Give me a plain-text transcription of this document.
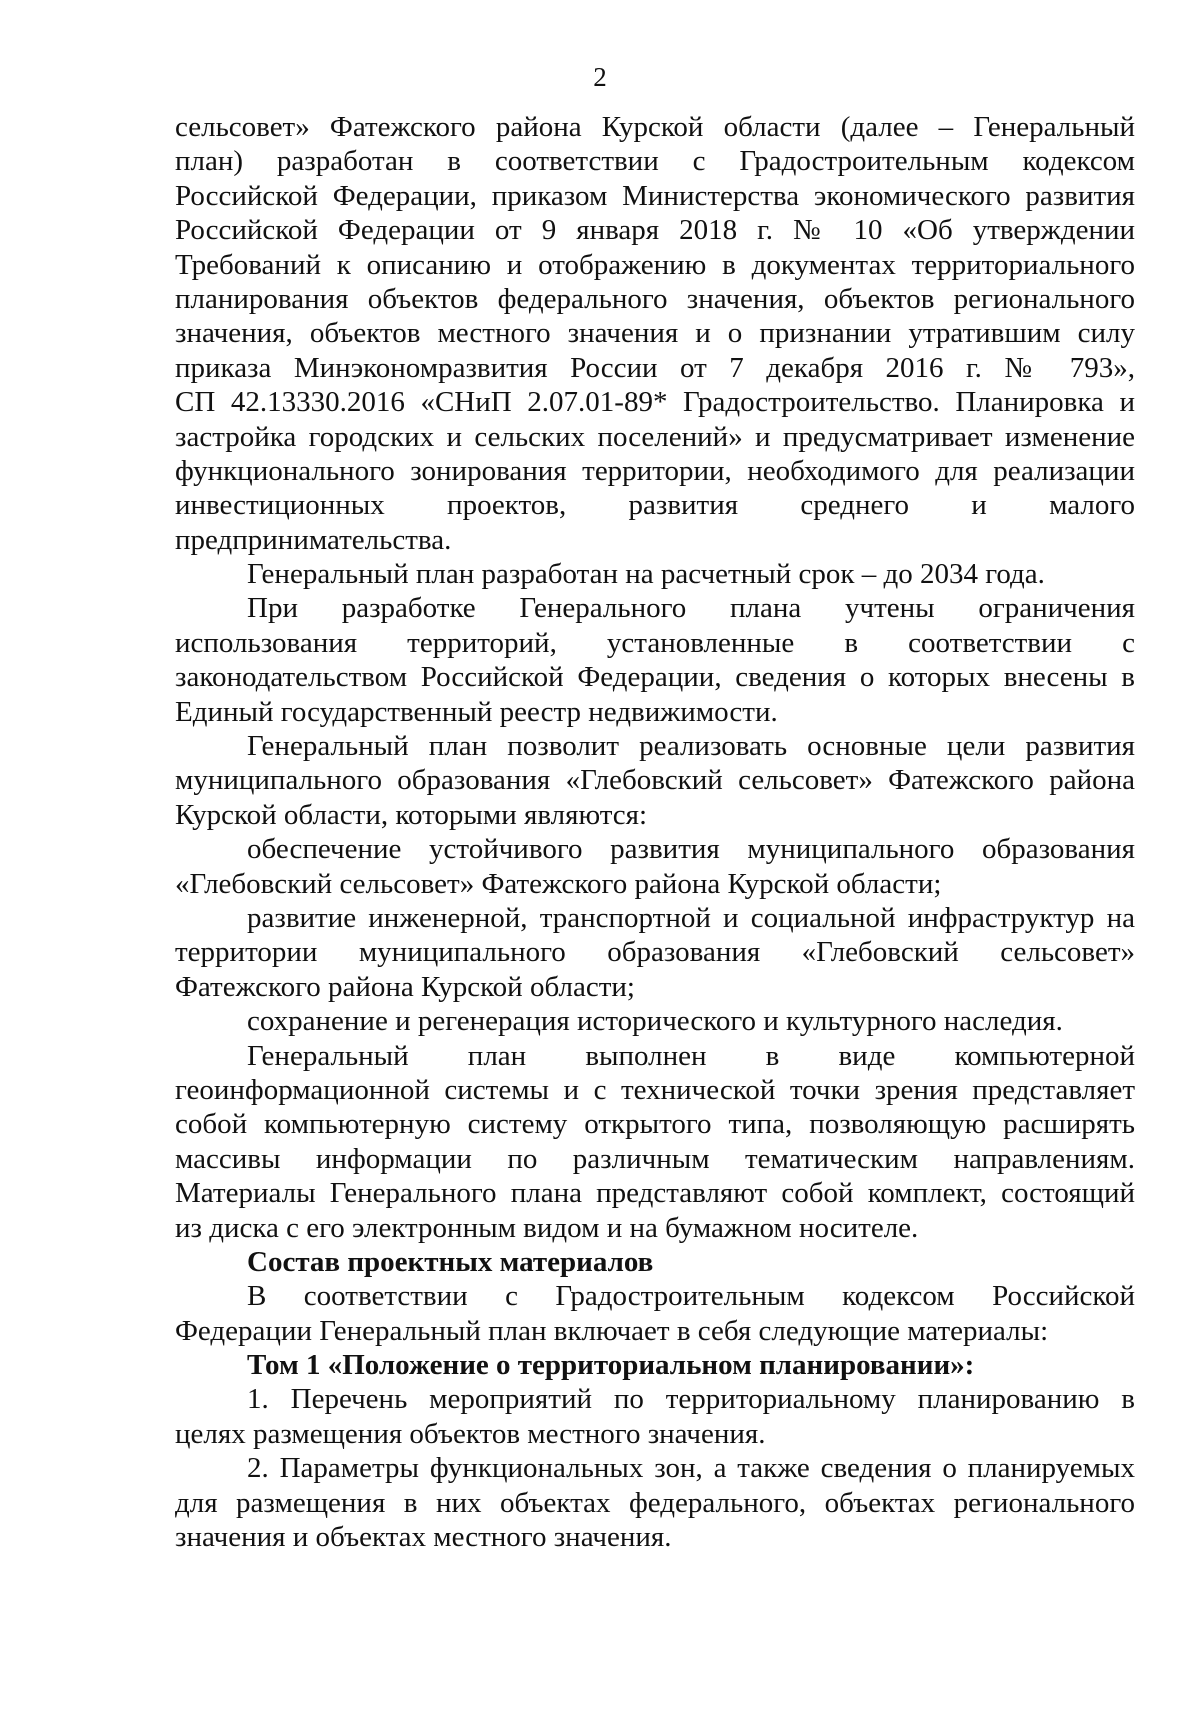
2
сельсовет» Фатежского района Курской области (далее – Генеральный
план) разработан в соответствии с Градостроительным кодексом
Российской Федерации, приказом Министерства экономического развития
Российской Федерации от 9 января 2018 г. № 10 «Об утверждении
Требований к описанию и отображению в документах территориального
планирования объектов федерального значения, объектов регионального
значения, объектов местного значения и о признании утратившим силу
приказа Минэкономразвития России от 7 декабря 2016 г. № 793»,
СП 42.13330.2016 «СНиП 2.07.01-89* Градостроительство. Планировка и
застройка городских и сельских поселений» и предусматривает изменение
функционального зонирования территории, необходимого для реализации
инвестиционных проектов, развития среднего и малого
предпринимательства.
Генеральный план разработан на расчетный срок – до 2034 года.
При разработке Генерального плана учтены ограничения
использования территорий, установленные в соответствии с
законодательством Российской Федерации, сведения о которых внесены в
Единый государственный реестр недвижимости.
Генеральный план позволит реализовать основные цели развития
муниципального образования «Глебовский сельсовет» Фатежского района
Курской области, которыми являются:
обеспечение устойчивого развития муниципального образования
«Глебовский сельсовет» Фатежского района Курской области;
развитие инженерной, транспортной и социальной инфраструктур на
территории муниципального образования «Глебовский сельсовет»
Фатежского района Курской области;
сохранение и регенерация исторического и культурного наследия.
Генеральный план выполнен в виде компьютерной
геоинформационной системы и с технической точки зрения представляет
собой компьютерную систему открытого типа, позволяющую расширять
массивы информации по различным тематическим направлениям.
Материалы Генерального плана представляют собой комплект, состоящий
из диска с его электронным видом и на бумажном носителе.
Состав проектных материалов
В соответствии с Градостроительным кодексом Российской
Федерации Генеральный план включает в себя следующие материалы:
Том 1 «Положение о территориальном планировании»:
1. Перечень мероприятий по территориальному планированию в
целях размещения объектов местного значения.
2. Параметры функциональных зон, а также сведения о планируемых
для размещения в них объектах федерального, объектах регионального
значения и объектах местного значения.
